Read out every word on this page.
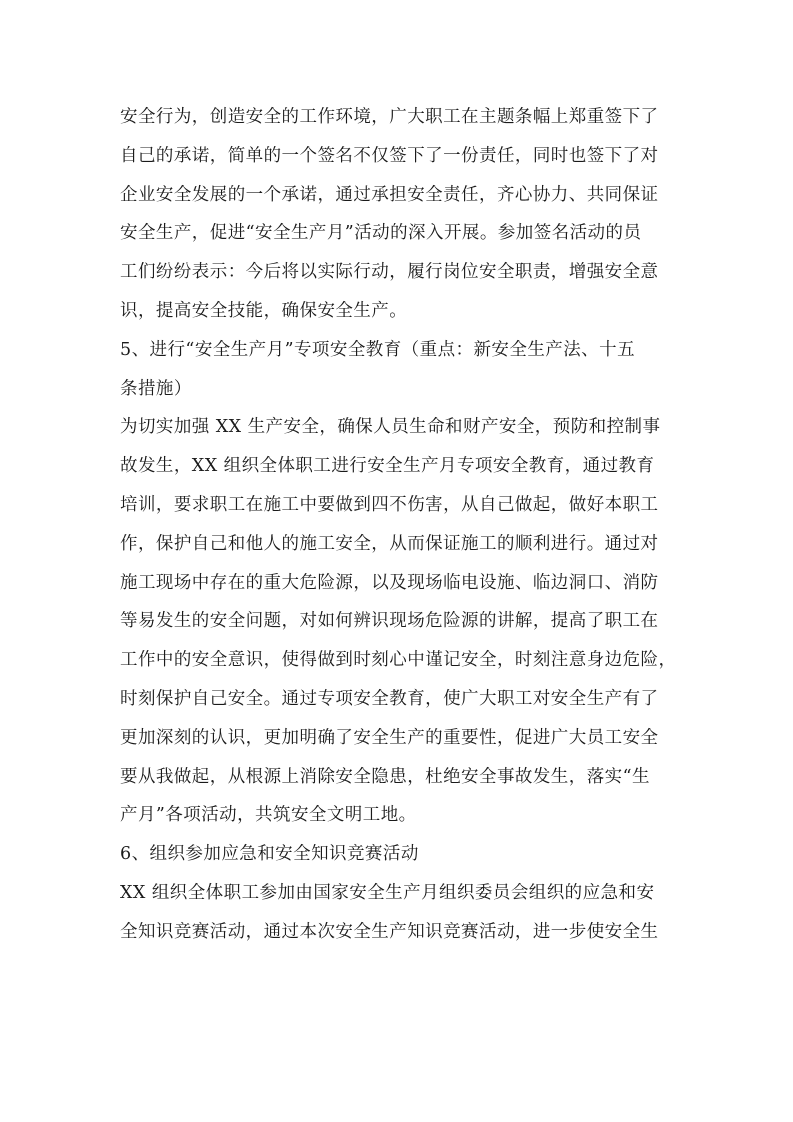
安全行为，创造安全的工作环境，广大职工在主题条幅上郑重签下了
自己的承诺，简单的一个签名不仅签下了一份责任，同时也签下了对
企业安全发展的一个承诺，通过承担安全责任，齐心协力、共同保证
安全生产，促进“安全生产月”活动的深入开展。参加签名活动的员
工们纷纷表示：今后将以实际行动，履行岗位安全职责，增强安全意
识，提高安全技能，确保安全生产。
5、进行“安全生产月”专项安全教育（重点：新安全生产法、十五
条措施）
为切实加强 XX 生产安全，确保人员生命和财产安全，预防和控制事
故发生，XX 组织全体职工进行安全生产月专项安全教育，通过教育
培训，要求职工在施工中要做到四不伤害，从自己做起，做好本职工
作，保护自己和他人的施工安全，从而保证施工的顺利进行。通过对
施工现场中存在的重大危险源，以及现场临电设施、临边洞口、消防
等易发生的安全问题，对如何辨识现场危险源的讲解，提高了职工在
工作中的安全意识，使得做到时刻心中谨记安全，时刻注意身边危险，
时刻保护自己安全。通过专项安全教育，使广大职工对安全生产有了
更加深刻的认识，更加明确了安全生产的重要性，促进广大员工安全
要从我做起，从根源上消除安全隐患，杜绝安全事故发生，落实“生
产月”各项活动，共筑安全文明工地。
6、组织参加应急和安全知识竞赛活动
XX 组织全体职工参加由国家安全生产月组织委员会组织的应急和安
全知识竞赛活动，通过本次安全生产知识竞赛活动，进一步使安全生
